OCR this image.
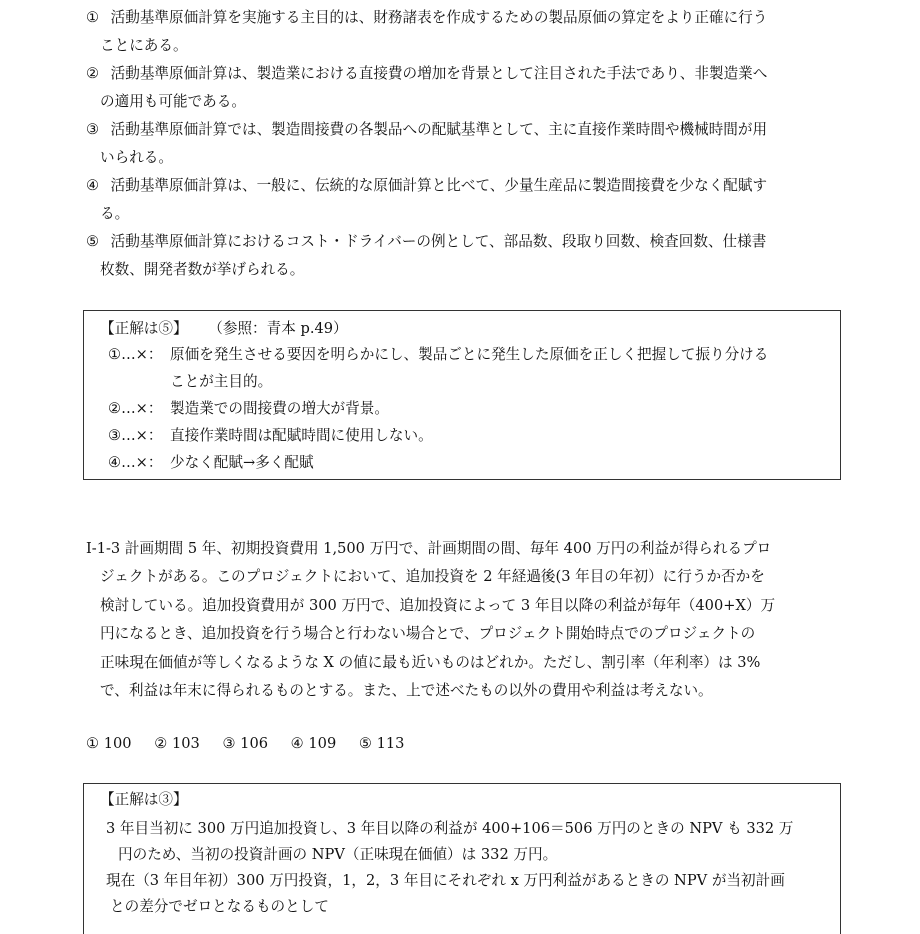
① 活動基準原価計算を実施する主目的は、財務諸表を作成するための製品原価の算定をより正確に行う
ことにある。
② 活動基準原価計算は、製造業における直接費の増加を背景として注目された手法であり、非製造業へ
の適用も可能である。
③ 活動基準原価計算では、製造間接費の各製品への配賦基準として、主に直接作業時間や機械時間が用
いられる。
④ 活動基準原価計算は、一般に、伝統的な原価計算と比べて、少量生産品に製造間接費を少なく配賦す
る。
⑤ 活動基準原価計算におけるコスト・ドライバーの例として、部品数、段取り回数、検査回数、仕様書
枚数、開発者数が挙げられる。
【正解は⑤】 （参照：青本 p.49）
①…×： 原価を発生させる要因を明らかにし、製品ごとに発生した原価を正しく把握して振り分ける
ことが主目的。
②…×： 製造業での間接費の増大が背景。
③…×： 直接作業時間は配賦時間に使用しない。
④…×： 少なく配賦→多く配賦
I-1-3 計画期間 5 年、初期投資費用 1,500 万円で、計画期間の間、毎年 400 万円の利益が得られるプロ
ジェクトがある。このプロジェクトにおいて、追加投資を 2 年経過後(3 年目の年初）に行うか否かを
検討している。追加投資費用が 300 万円で、追加投資によって 3 年目以降の利益が毎年（400+X）万
円になるとき、追加投資を行う場合と行わない場合とで、プロジェクト開始時点でのプロジェクトの
正味現在価値が等しくなるような X の値に最も近いものはどれか。ただし、割引率（年利率）は 3%
で、利益は年末に得られるものとする。また、上で述べたもの以外の費用や利益は考えない。
① 100 ② 103 ③ 106 ④ 109 ⑤ 113
【正解は③】
3 年目当初に 300 万円追加投資し、3 年目以降の利益が 400+106＝506 万円のときの NPV も 332 万
円のため、当初の投資計画の NPV（正味現在価値）は 332 万円。
現在（3 年目年初）300 万円投資，1，2，3 年目にそれぞれ x 万円利益があるときの NPV が当初計画
との差分でゼロとなるものとして
